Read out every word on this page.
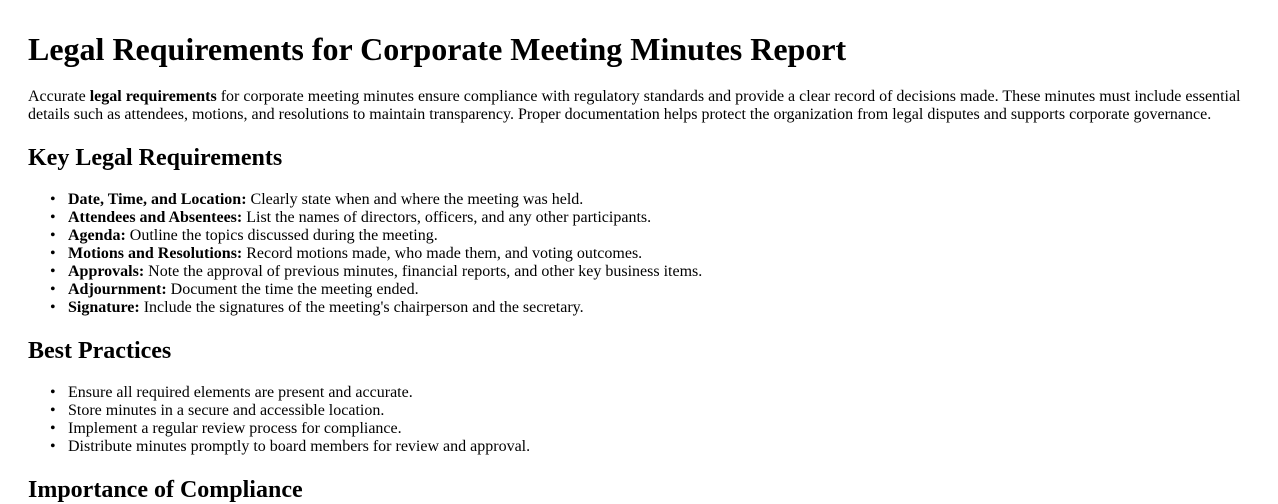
Legal Requirements for Corporate Meeting Minutes Report

Accurate legal requirements for corporate meeting minutes ensure compliance with regulatory standards and provide a clear record of decisions made. These minutes must include essential details such as attendees, motions, and resolutions to maintain transparency. Proper documentation helps protect the organization from legal disputes and supports corporate governance.

Key Legal Requirements
• Date, Time, and Location: Clearly state when and where the meeting was held.
• Attendees and Absentees: List the names of directors, officers, and any other participants.
• Agenda: Outline the topics discussed during the meeting.
• Motions and Resolutions: Record motions made, who made them, and voting outcomes.
• Approvals: Note the approval of previous minutes, financial reports, and other key business items.
• Adjournment: Document the time the meeting ended.
• Signature: Include the signatures of the meeting's chairperson and the secretary.
Best Practices
• Ensure all required elements are present and accurate.
• Store minutes in a secure and accessible location.
• Implement a regular review process for compliance.
• Distribute minutes promptly to board members for review and approval.
Importance of Compliance
